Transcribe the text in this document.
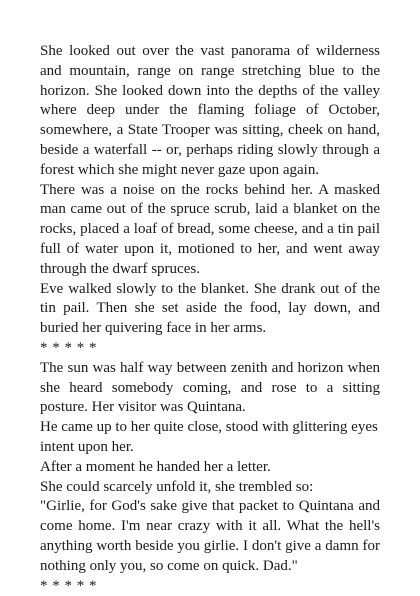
She looked out over the vast panorama of wilderness and mountain, range on range stretching blue to the horizon. She looked down into the depths of the valley where deep under the flaming foliage of October, somewhere, a State Trooper was sitting, cheek on hand, beside a waterfall -- or, perhaps riding slowly through a forest which she might never gaze upon again.

There was a noise on the rocks behind her. A masked man came out of the spruce scrub, laid a blanket on the rocks, placed a loaf of bread, some cheese, and a tin pail full of water upon it, motioned to her, and went away through the dwarf spruces.

Eve walked slowly to the blanket. She drank out of the tin pail. Then she set aside the food, lay down, and buried her quivering face in her arms.

* * * * *

The sun was half way between zenith and horizon when she heard somebody coming, and rose to a sitting posture. Her visitor was Quintana.

He came up to her quite close, stood with glittering eyes intent upon her.

After a moment he handed her a letter.

She could scarcely unfold it, she trembled so:

"Girlie, for God's sake give that packet to Quintana and come home. I'm near crazy with it all. What the hell's anything worth beside you girlie. I don't give a damn for nothing only you, so come on quick. Dad."

* * * * *
